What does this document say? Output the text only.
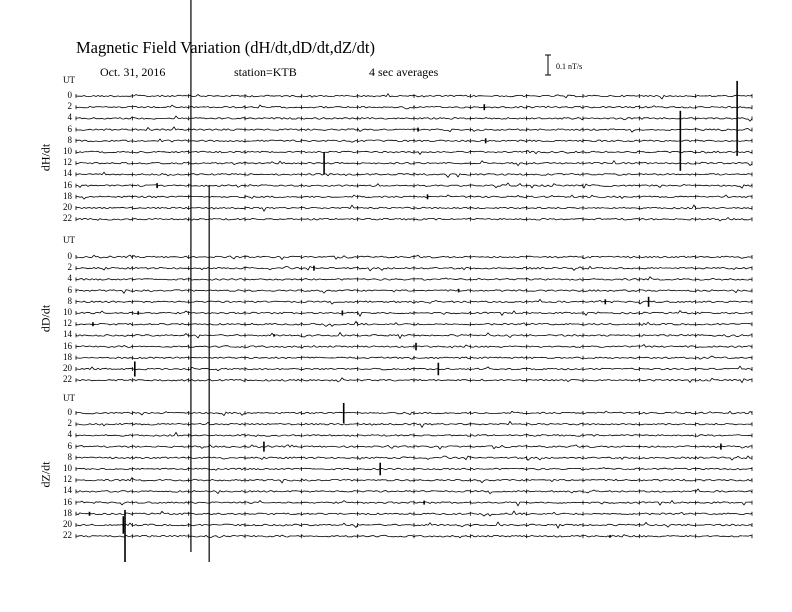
Magnetic Field Variation (dH/dt,dD/dt,dZ/dt)
Oct. 31, 2016	station=KTB	4 sec averages	0.1 nT/s
UT
dH/dt
0
2
4
6
8
10
12
14
16
18
20
22
UT
dD/dt
0
2
4
6
8
10
12
14
16
18
20
22
UT
dZ/dt
0
2
4
6
8
10
12
14
16
18
20
22
